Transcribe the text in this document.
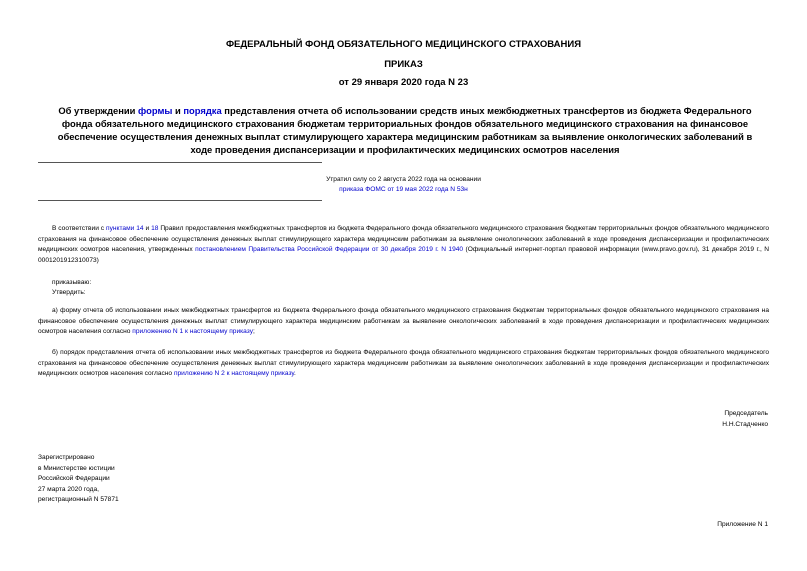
ФЕДЕРАЛЬНЫЙ ФОНД ОБЯЗАТЕЛЬНОГО МЕДИЦИНСКОГО СТРАХОВАНИЯ
ПРИКАЗ
от 29 января 2020 года N 23
Об утверждении формы и порядка представления отчета об использовании средств иных межбюджетных трансфертов из бюджета Федерального фонда обязательного медицинского страхования бюджетам территориальных фондов обязательного медицинского страхования на финансовое обеспечение осуществления денежных выплат стимулирующего характера медицинским работникам за выявление онкологических заболеваний в ходе проведения диспансеризации и профилактических медицинских осмотров населения
Утратил силу со 2 августа 2022 года на основании
приказа ФОМС от 19 мая 2022 года N 53н
В соответствии с пунктами 14 и 18 Правил предоставления межбюджетных трансфертов из бюджета Федерального фонда обязательного медицинского страхования бюджетам территориальных фондов обязательного медицинского страхования на финансовое обеспечение осуществления денежных выплат стимулирующего характера медицинским работникам за выявление онкологических заболеваний в ходе проведения диспансеризации и профилактических медицинских осмотров населения, утвержденных постановлением Правительства Российской Федерации от 30 декабря 2019 г. N 1940 (Официальный интернет-портал правовой информации (www.pravo.gov.ru), 31 декабря 2019 г., N 0001201912310073)
приказываю:
Утвердить:
а) форму отчета об использовании иных межбюджетных трансфертов из бюджета Федерального фонда обязательного медицинского страхования бюджетам территориальных фондов обязательного медицинского страхования на финансовое обеспечение осуществления денежных выплат стимулирующего характера медицинским работникам за выявление онкологических заболеваний в ходе проведения диспансеризации и профилактических медицинских осмотров населения согласно приложению N 1 к настоящему приказу;
б) порядок представления отчета об использовании иных межбюджетных трансфертов из бюджета Федерального фонда обязательного медицинского страхования бюджетам территориальных фондов обязательного медицинского страхования на финансовое обеспечение осуществления денежных выплат стимулирующего характера медицинским работникам за выявление онкологических заболеваний в ходе проведения диспансеризации и профилактических медицинских осмотров населения согласно приложению N 2 к настоящему приказу.
Председатель
Н.Н.Стадченко
Зарегистрировано
в Министерстве юстиции
Российской Федерации
27 марта 2020 года,
регистрационный N 57871
Приложение N 1
